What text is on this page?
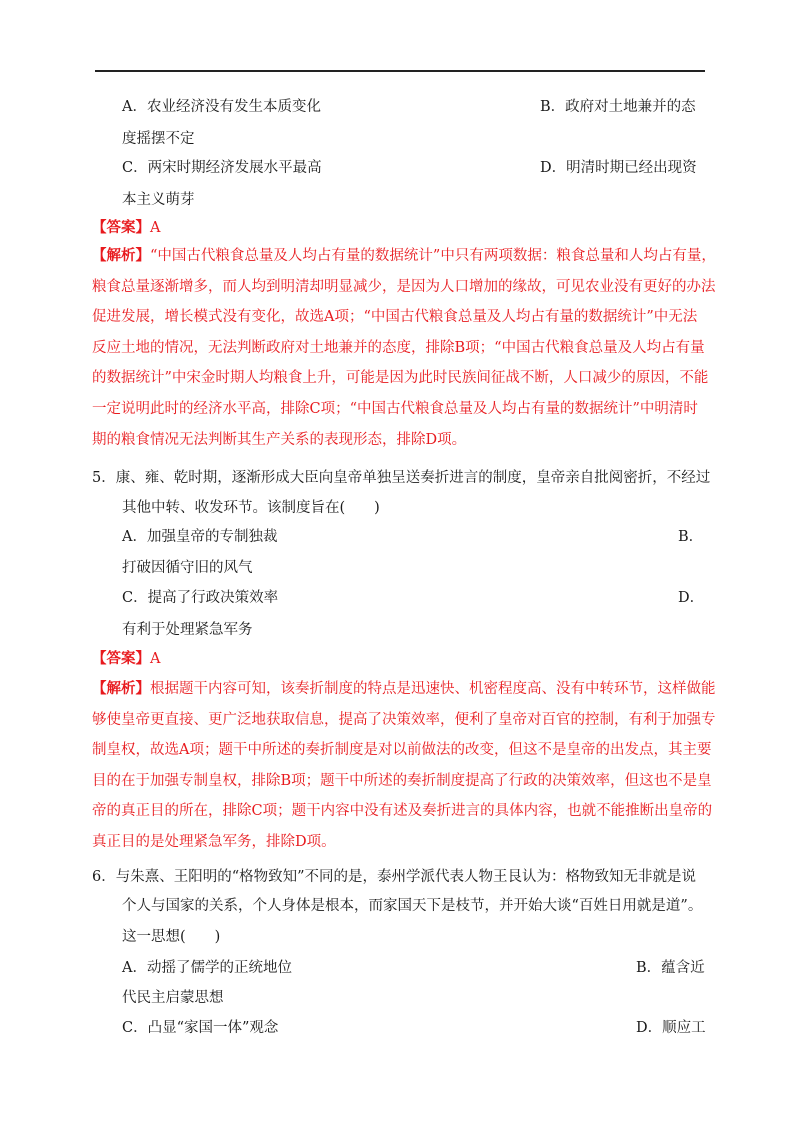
A．农业经济没有发生本质变化	B．政府对土地兼并的态
度摇摆不定
C．两宋时期经济发展水平最高	D．明清时期已经出现资
本主义萌芽
【答案】A
【解析】“中国古代粮食总量及人均占有量的数据统计”中只有两项数据：粮食总量和人均占有量，
粮食总量逐渐增多，而人均到明清却明显减少，是因为人口增加的缘故，可见农业没有更好的办法
促进发展，增长模式没有变化，故选A项；“中国古代粮食总量及人均占有量的数据统计”中无法
反应土地的情况，无法判断政府对土地兼并的态度，排除B项；“中国古代粮食总量及人均占有量
的数据统计”中宋金时期人均粮食上升，可能是因为此时民族间征战不断，人口减少的原因，不能
一定说明此时的经济水平高，排除C项；“中国古代粮食总量及人均占有量的数据统计”中明清时
期的粮食情况无法判断其生产关系的表现形态，排除D项。
5．康、雍、乾时期，逐渐形成大臣向皇帝单独呈送奏折进言的制度，皇帝亲自批阅密折，不经过
其他中转、收发环节。该制度旨在(　　)
A．加强皇帝的专制独裁	B．
打破因循守旧的风气
C．提高了行政决策效率	D．
有利于处理紧急军务
【答案】A
【解析】根据题干内容可知，该奏折制度的特点是迅速快、机密程度高、没有中转环节，这样做能
够使皇帝更直接、更广泛地获取信息，提高了决策效率，便利了皇帝对百官的控制，有利于加强专
制皇权，故选A项；题干中所述的奏折制度是对以前做法的改变，但这不是皇帝的出发点，其主要
目的在于加强专制皇权，排除B项；题干中所述的奏折制度提高了行政的决策效率，但这也不是皇
帝的真正目的所在，排除C项；题干内容中没有述及奏折进言的具体内容，也就不能推断出皇帝的
真正目的是处理紧急军务，排除D项。
6．与朱熹、王阳明的“格物致知”不同的是，泰州学派代表人物王艮认为：格物致知无非就是说
个人与国家的关系，个人身体是根本，而家国天下是枝节，并开始大谈“百姓日用就是道”。
这一思想(　　)
A．动摇了儒学的正统地位	B．蕴含近
代民主启蒙思想
C．凸显“家国一体”观念	D．顺应工
